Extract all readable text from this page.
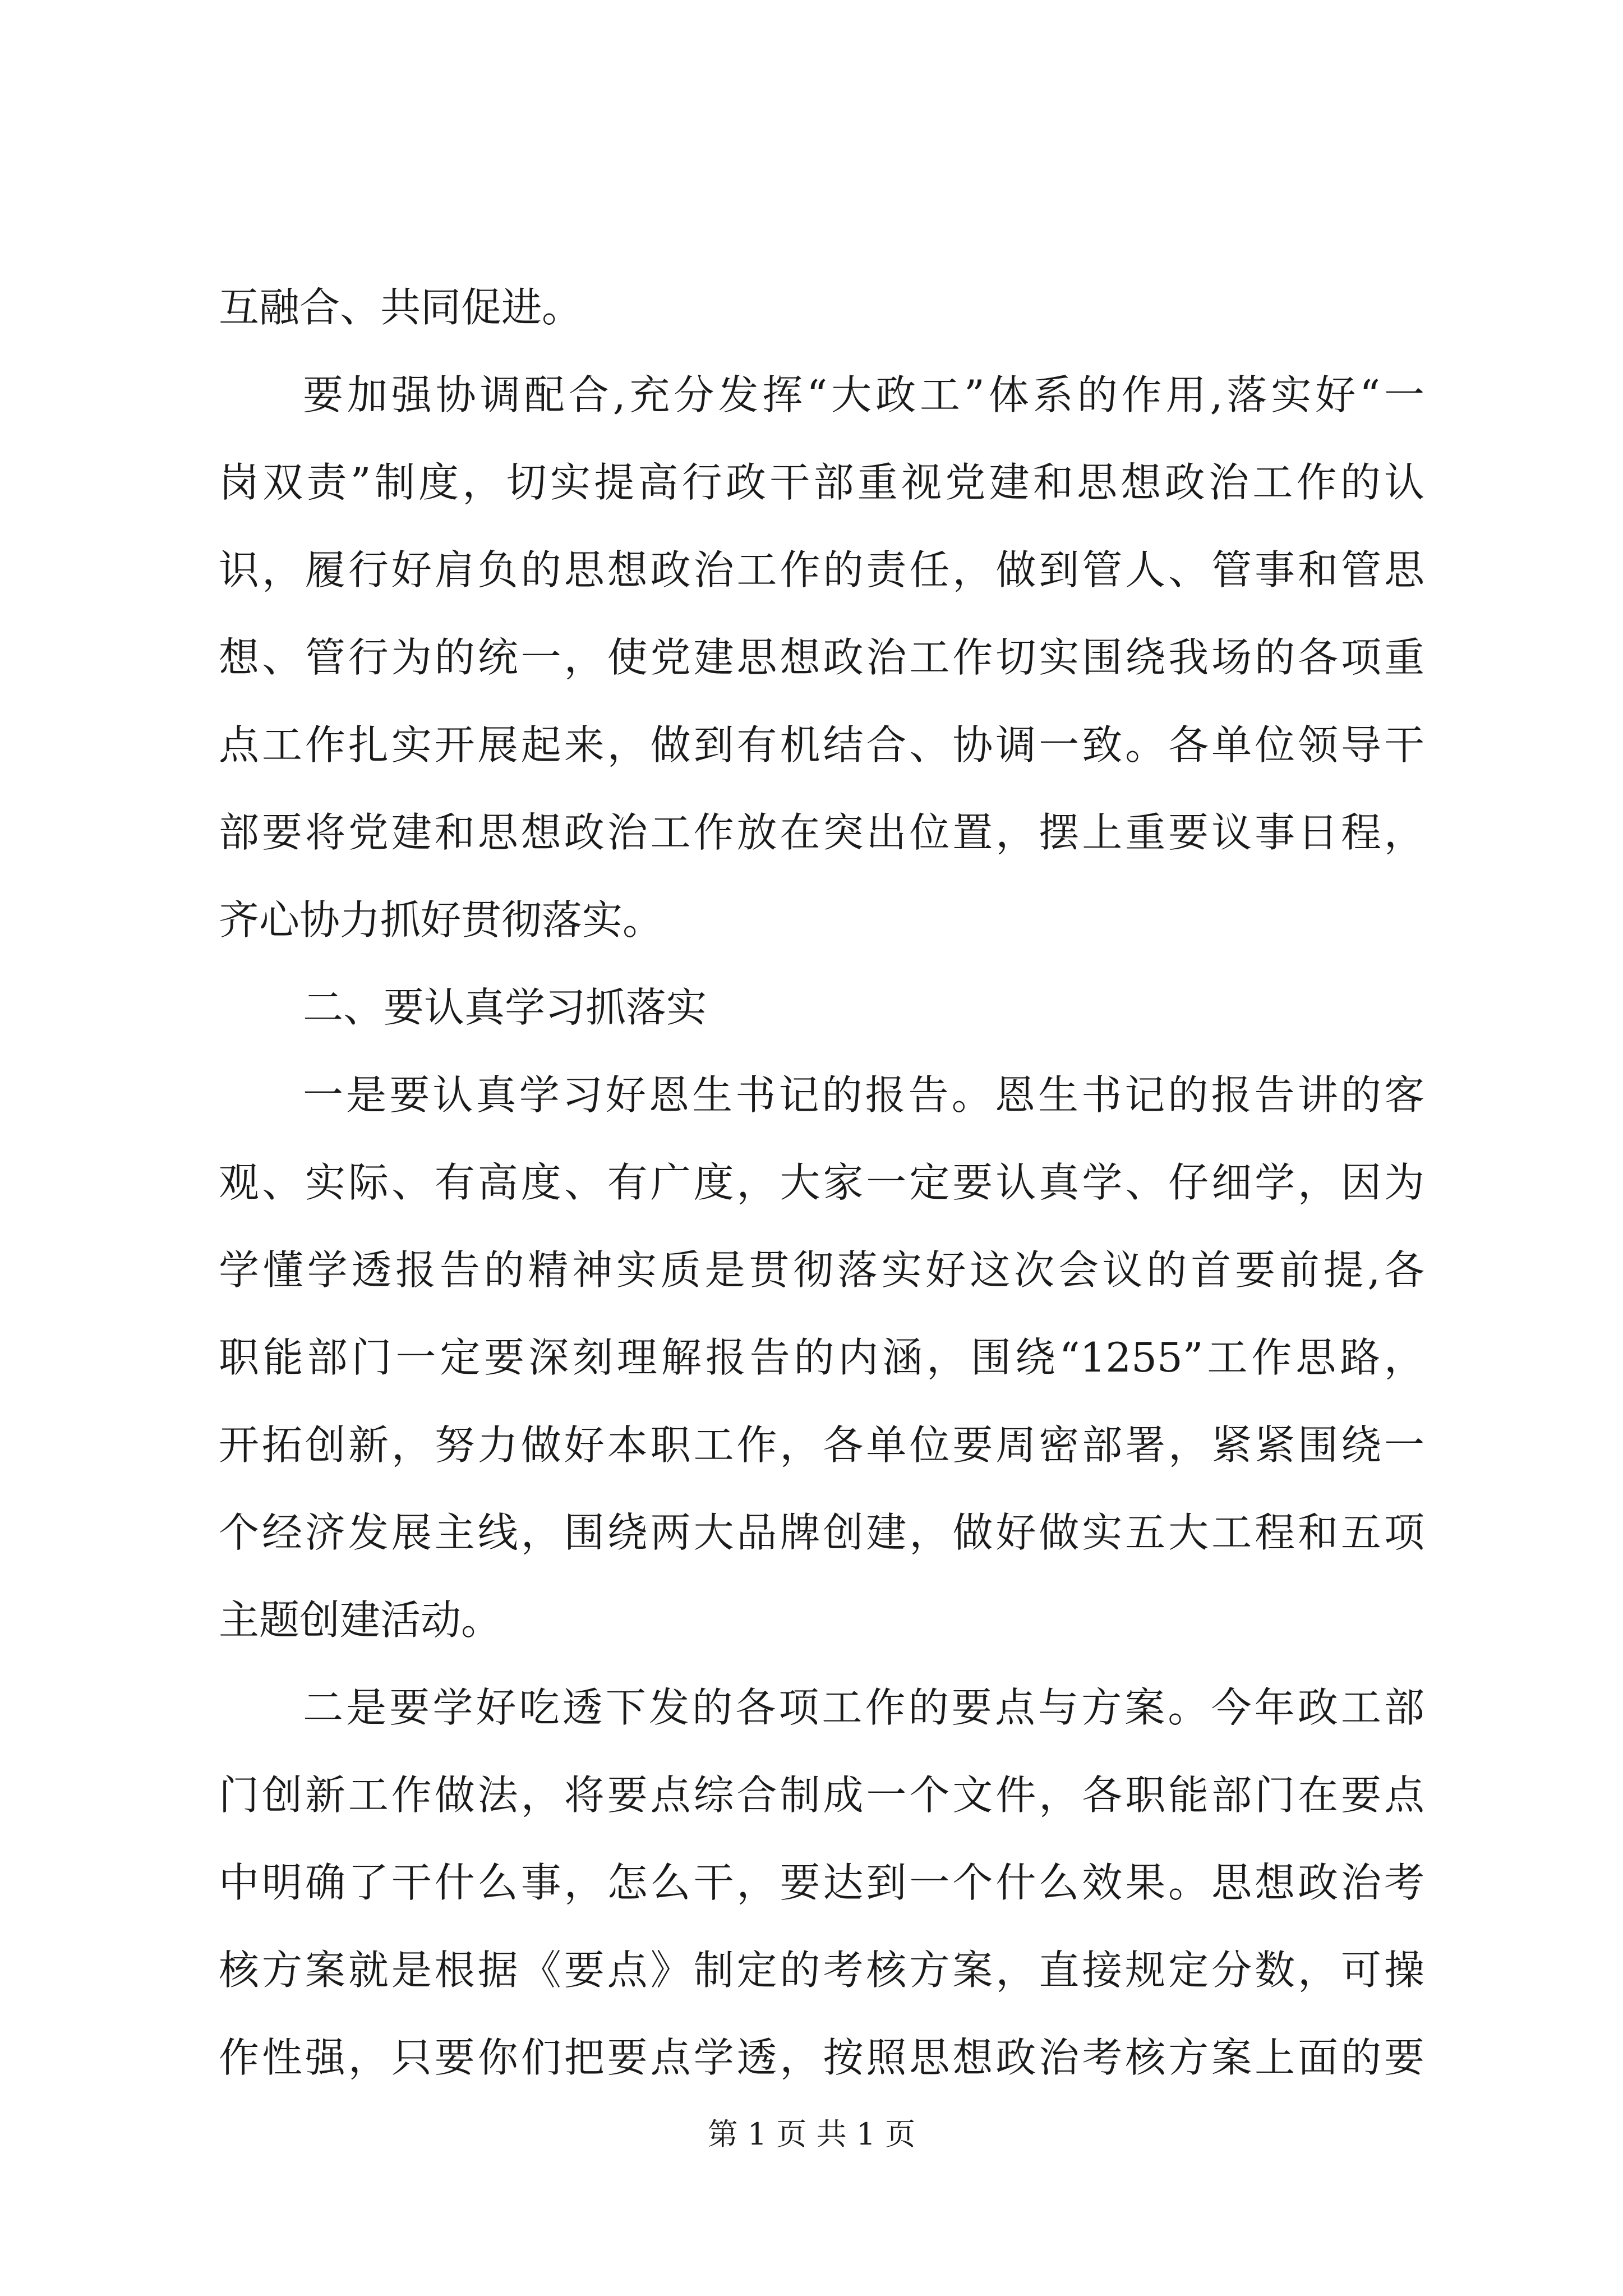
互融合、共同促进。
要加强协调配合,充分发挥“大政工”体系的作用,落实好“一
岗双责”制度，切实提高行政干部重视党建和思想政治工作的认
识，履行好肩负的思想政治工作的责任，做到管人、管事和管思
想、管行为的统一，使党建思想政治工作切实围绕我场的各项重
点工作扎实开展起来，做到有机结合、协调一致。各单位领导干
部要将党建和思想政治工作放在突出位置，摆上重要议事日程，
齐心协力抓好贯彻落实。
二、要认真学习抓落实
一是要认真学习好恩生书记的报告。恩生书记的报告讲的客
观、实际、有高度、有广度，大家一定要认真学、仔细学，因为
学懂学透报告的精神实质是贯彻落实好这次会议的首要前提,各
职能部门一定要深刻理解报告的内涵，围绕“1255”工作思路，
开拓创新，努力做好本职工作，各单位要周密部署，紧紧围绕一
个经济发展主线，围绕两大品牌创建，做好做实五大工程和五项
主题创建活动。
二是要学好吃透下发的各项工作的要点与方案。今年政工部
门创新工作做法，将要点综合制成一个文件，各职能部门在要点
中明确了干什么事，怎么干，要达到一个什么效果。思想政治考
核方案就是根据《要点》制定的考核方案，直接规定分数，可操
作性强，只要你们把要点学透，按照思想政治考核方案上面的要
第 1 页 共 1 页
